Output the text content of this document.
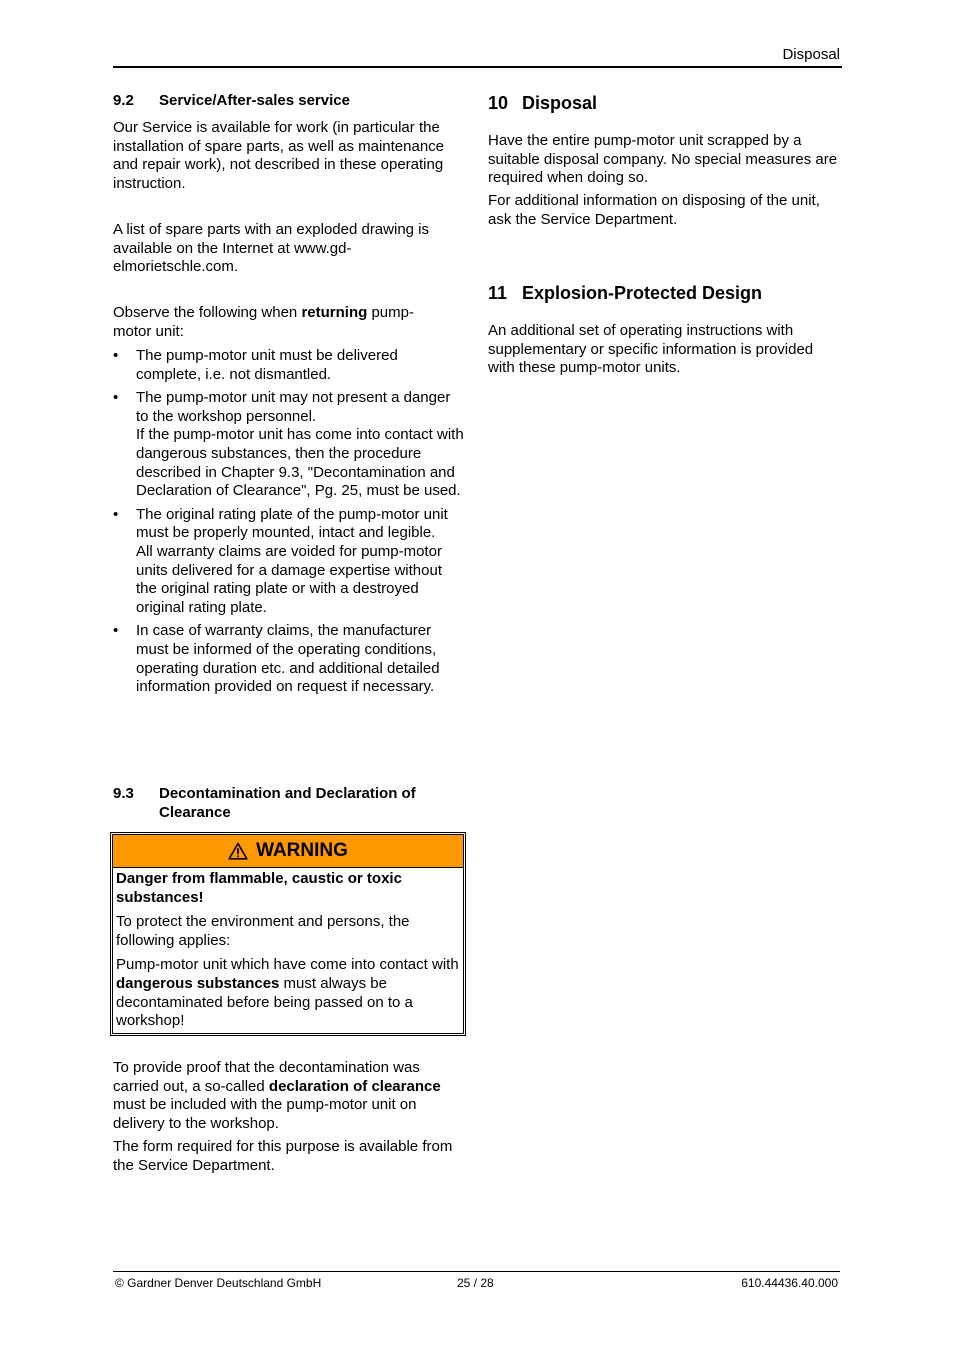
Disposal
9.2 Service/After-sales service

Our Service is available for work (in particular the installation of spare parts, as well as maintenance and repair work), not described in these operating instruction.

A list of spare parts with an exploded drawing is available on the Internet at www.gd-elmorietschle.com.

Observe the following when returning pump-motor unit:

• The pump-motor unit must be delivered complete, i.e. not dismantled.
• The pump-motor unit may not present a danger to the workshop personnel.
If the pump-motor unit has come into contact with dangerous substances, then the procedure described in Chapter 9.3, "Decontamination and Declaration of Clearance", Pg. 25, must be used.
• The original rating plate of the pump-motor unit must be properly mounted, intact and legible.
All warranty claims are voided for pump-motor units delivered for a damage expertise without the original rating plate or with a destroyed original rating plate.
• In case of warranty claims, the manufacturer must be informed of the operating conditions, operating duration etc. and additional detailed information provided on request if necessary.
9.3	Decontamination and Declaration of
Clearance
WARNING

Danger from flammable, caustic or toxic substances!

To protect the environment and persons, the following applies:

Pump-motor unit which have come into contact with dangerous substances must always be decontaminated before being passed on to a workshop!

To provide proof that the decontamination was carried out, a so-called declaration of clearance must be included with the pump-motor unit on delivery to the workshop.

The form required for this purpose is available from the Service Department.

10 Disposal

Have the entire pump-motor unit scrapped by a suitable disposal company. No special measures are required when doing so.

For additional information on disposing of the unit, ask the Service Department.

11 Explosion-Protected Design

An additional set of operating instructions with supplementary or specific information is provided with these pump-motor units.

© Gardner Denver Deutschland GmbH	25 / 28	610.44436.40.000
